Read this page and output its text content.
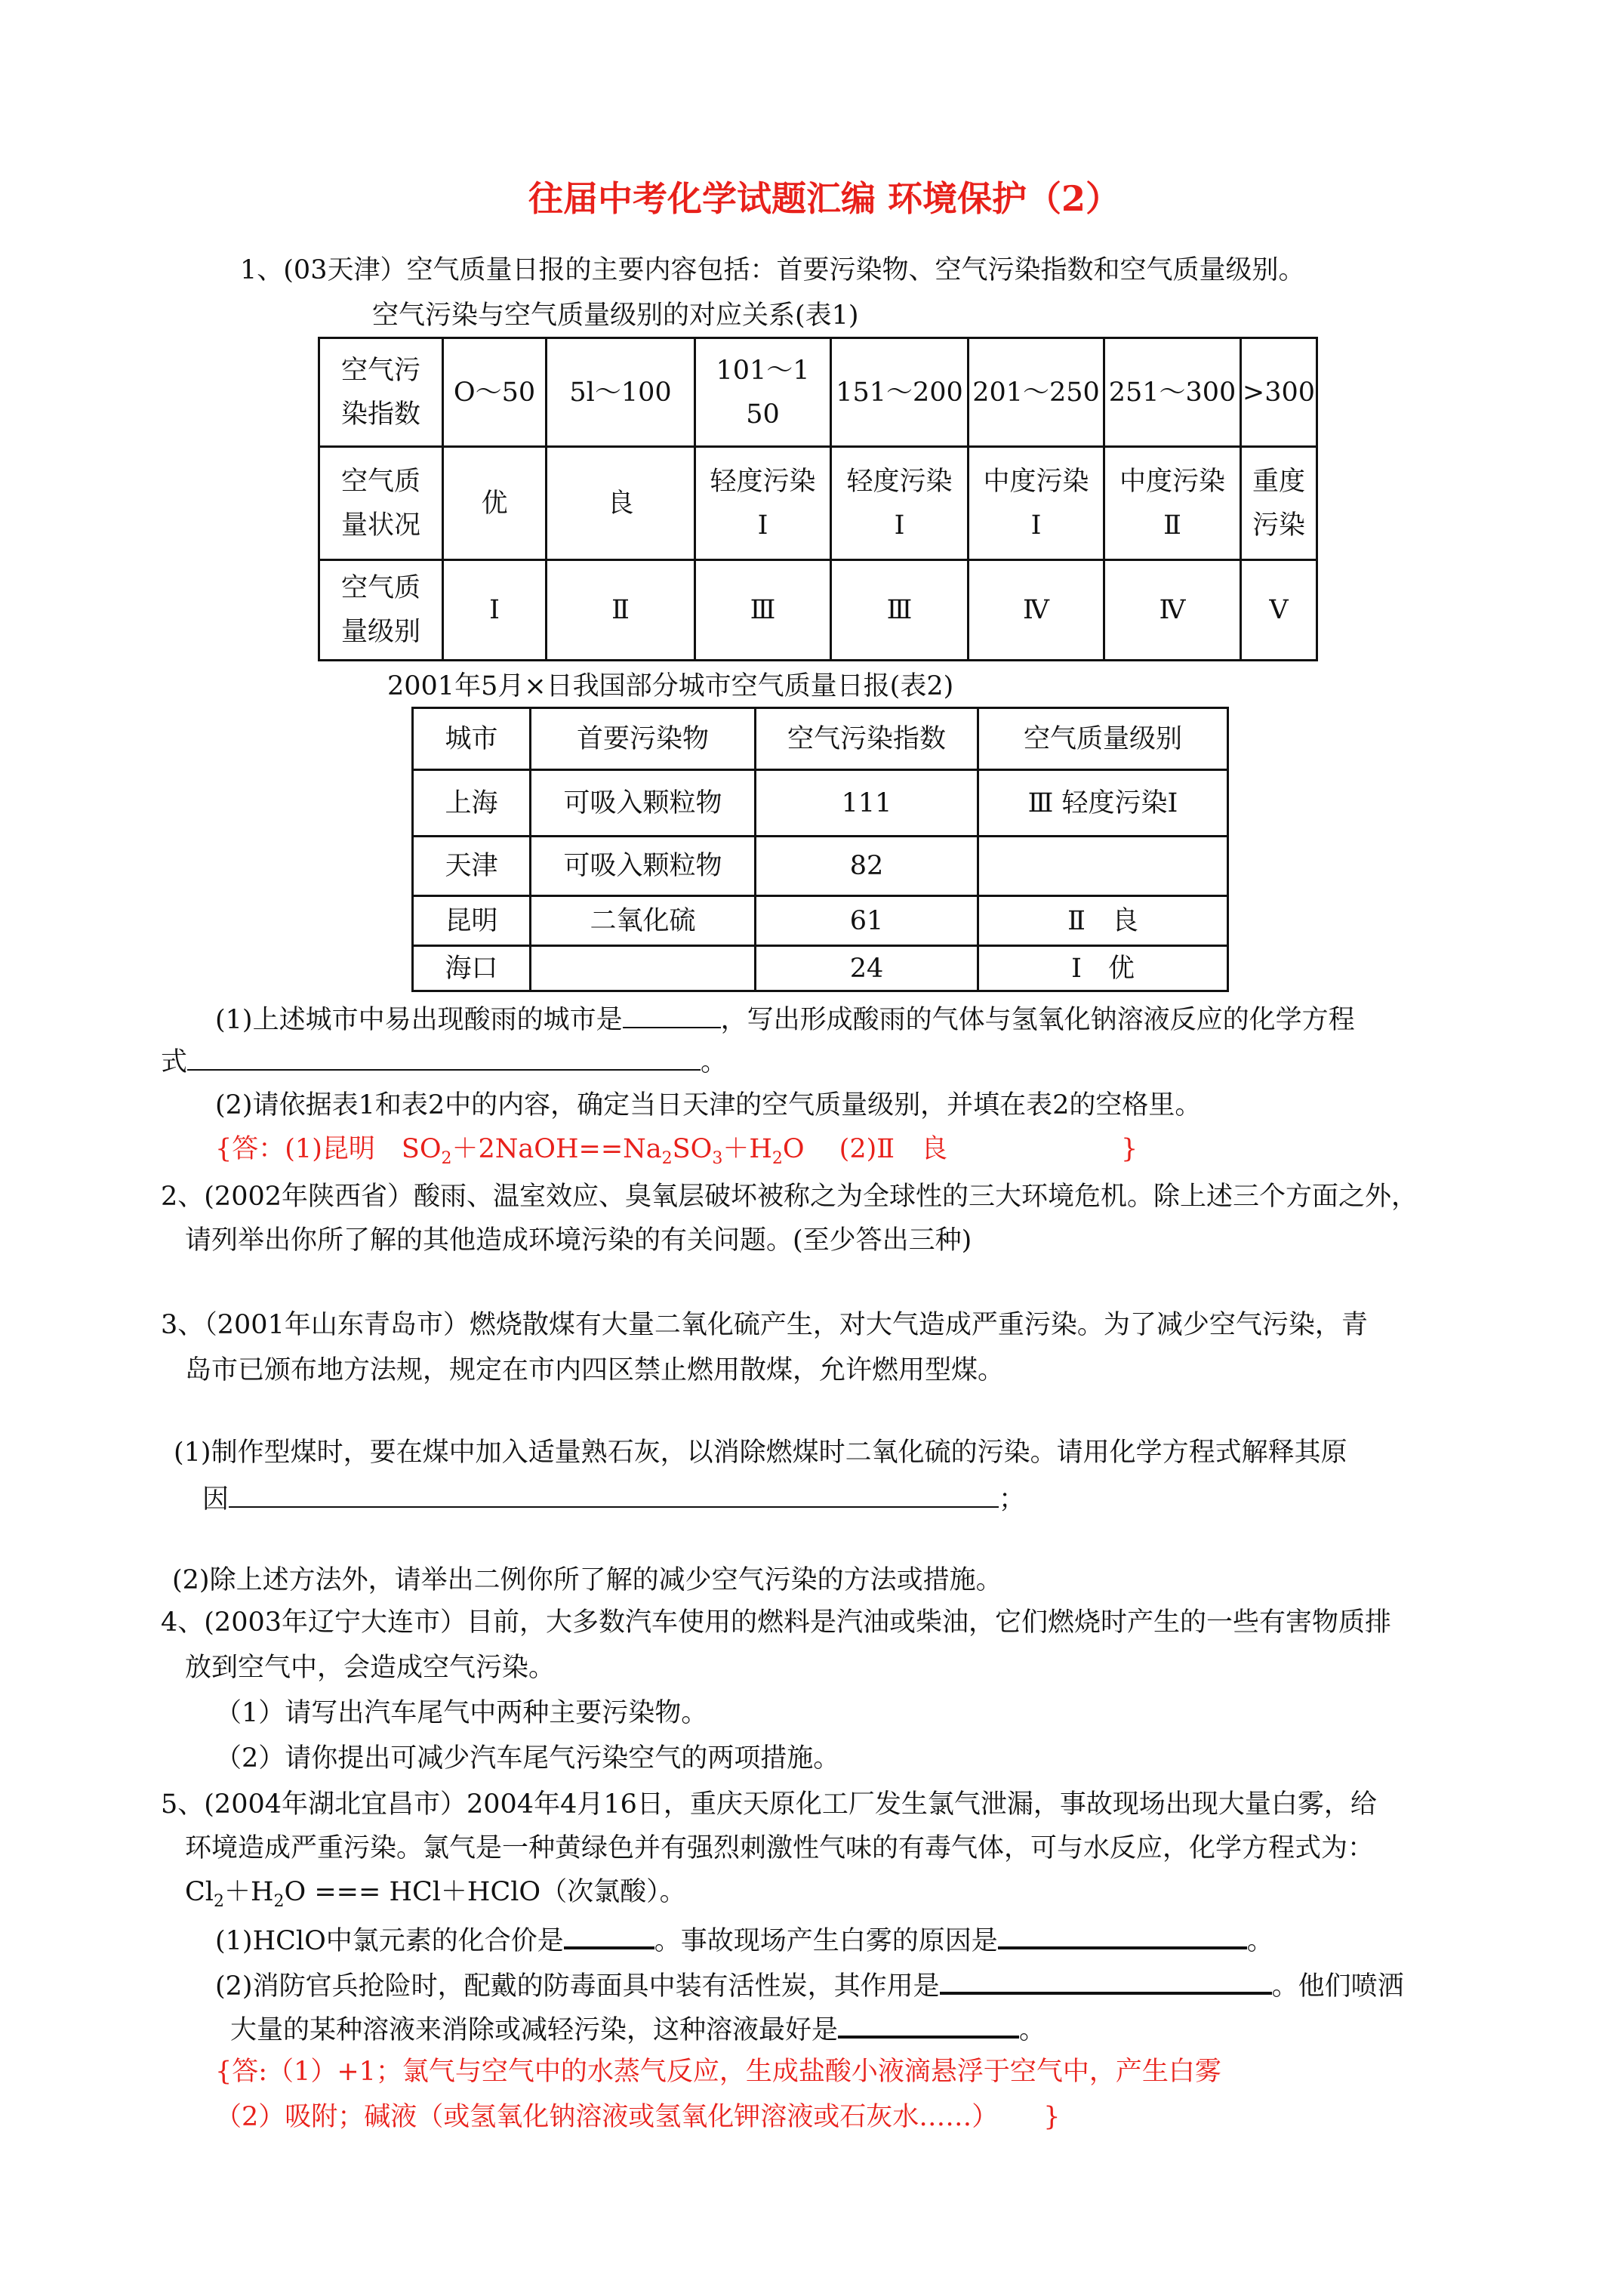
往届中考化学试题汇编 环境保护（2）
1、(03天津）空气质量日报的主要内容包括：首要污染物、空气污染指数和空气质量级别。
空气污染与空气质量级别的对应关系(表1)
空气污染指数	O～50	5l～100	101～1 50	151～200	201～250	251～300	>300

空气质量状况	优	良	轻度污染Ⅰ	轻度污染Ⅰ	中度污染Ⅰ	中度污染Ⅱ	重度污染

空气质量级别	Ⅰ	Ⅱ	Ⅲ	Ⅲ	Ⅳ	Ⅳ	V
2001年5月×日我国部分城市空气质量日报(表2)
城市	首要污染物	空气污染指数	空气质量级别
上海	可吸入颗粒物	111	Ⅲ 轻度污染Ⅰ
天津	可吸入颗粒物	82	
昆明	二氧化硫	61	Ⅱ　良
海口		24	Ⅰ　优
(1)上述城市中易出现酸雨的城市是	，写出形成酸雨的气体与氢氧化钠溶液反应的化学方程
式	。
(2)请依据表1和表2中的内容，确定当日天津的空气质量级别，并填在表2的空格里。
{答：(1)昆明　$SO_2+2NaOH==Na_2SO_3+H_2O$　 (2)Ⅱ　良	}
2、(2002年陕西省）酸雨、温室效应、臭氧层破坏被称之为全球性的三大环境危机。除上述三个方面之外，
请列举出你所了解的其他造成环境污染的有关问题。(至少答出三种)
3、（2001年山东青岛市）燃烧散煤有大量二氧化硫产生，对大气造成严重污染。为了减少空气污染，青
岛市已颁布地方法规，规定在市内四区禁止燃用散煤，允许燃用型煤。
(1)制作型煤时，要在煤中加入适量熟石灰，以消除燃煤时二氧化硫的污染。请用化学方程式解释其原
因	；
(2)除上述方法外，请举出二例你所了解的减少空气污染的方法或措施。
4、(2003年辽宁大连市）目前，大多数汽车使用的燃料是汽油或柴油，它们燃烧时产生的一些有害物质排
放到空气中，会造成空气污染。
（1）请写出汽车尾气中两种主要污染物。
（2）请你提出可减少汽车尾气污染空气的两项措施。
5、(2004年湖北宜昌市）2004年4月16日，重庆天原化工厂发生氯气泄漏，事故现场出现大量白雾，给
环境造成严重污染。氯气是一种黄绿色并有强烈刺激性气味的有毒气体，可与水反应，化学方程式为：
$Cl_2+H_2O$ === HCl＋HClO（次氯酸）。
(1)HClO中氯元素的化合价是	。事故现场产生白雾的原因是	。
(2)消防官兵抢险时，配戴的防毒面具中装有活性炭，其作用是	。他们喷洒
大量的某种溶液来消除或减轻污染，这种溶液最好是	。
{答:（1）+1；氯气与空气中的水蒸气反应，生成盐酸小液滴悬浮于空气中，产生白雾
（2）吸附；碱液（或氢氧化钠溶液或氢氧化钾溶液或石灰水……） }
